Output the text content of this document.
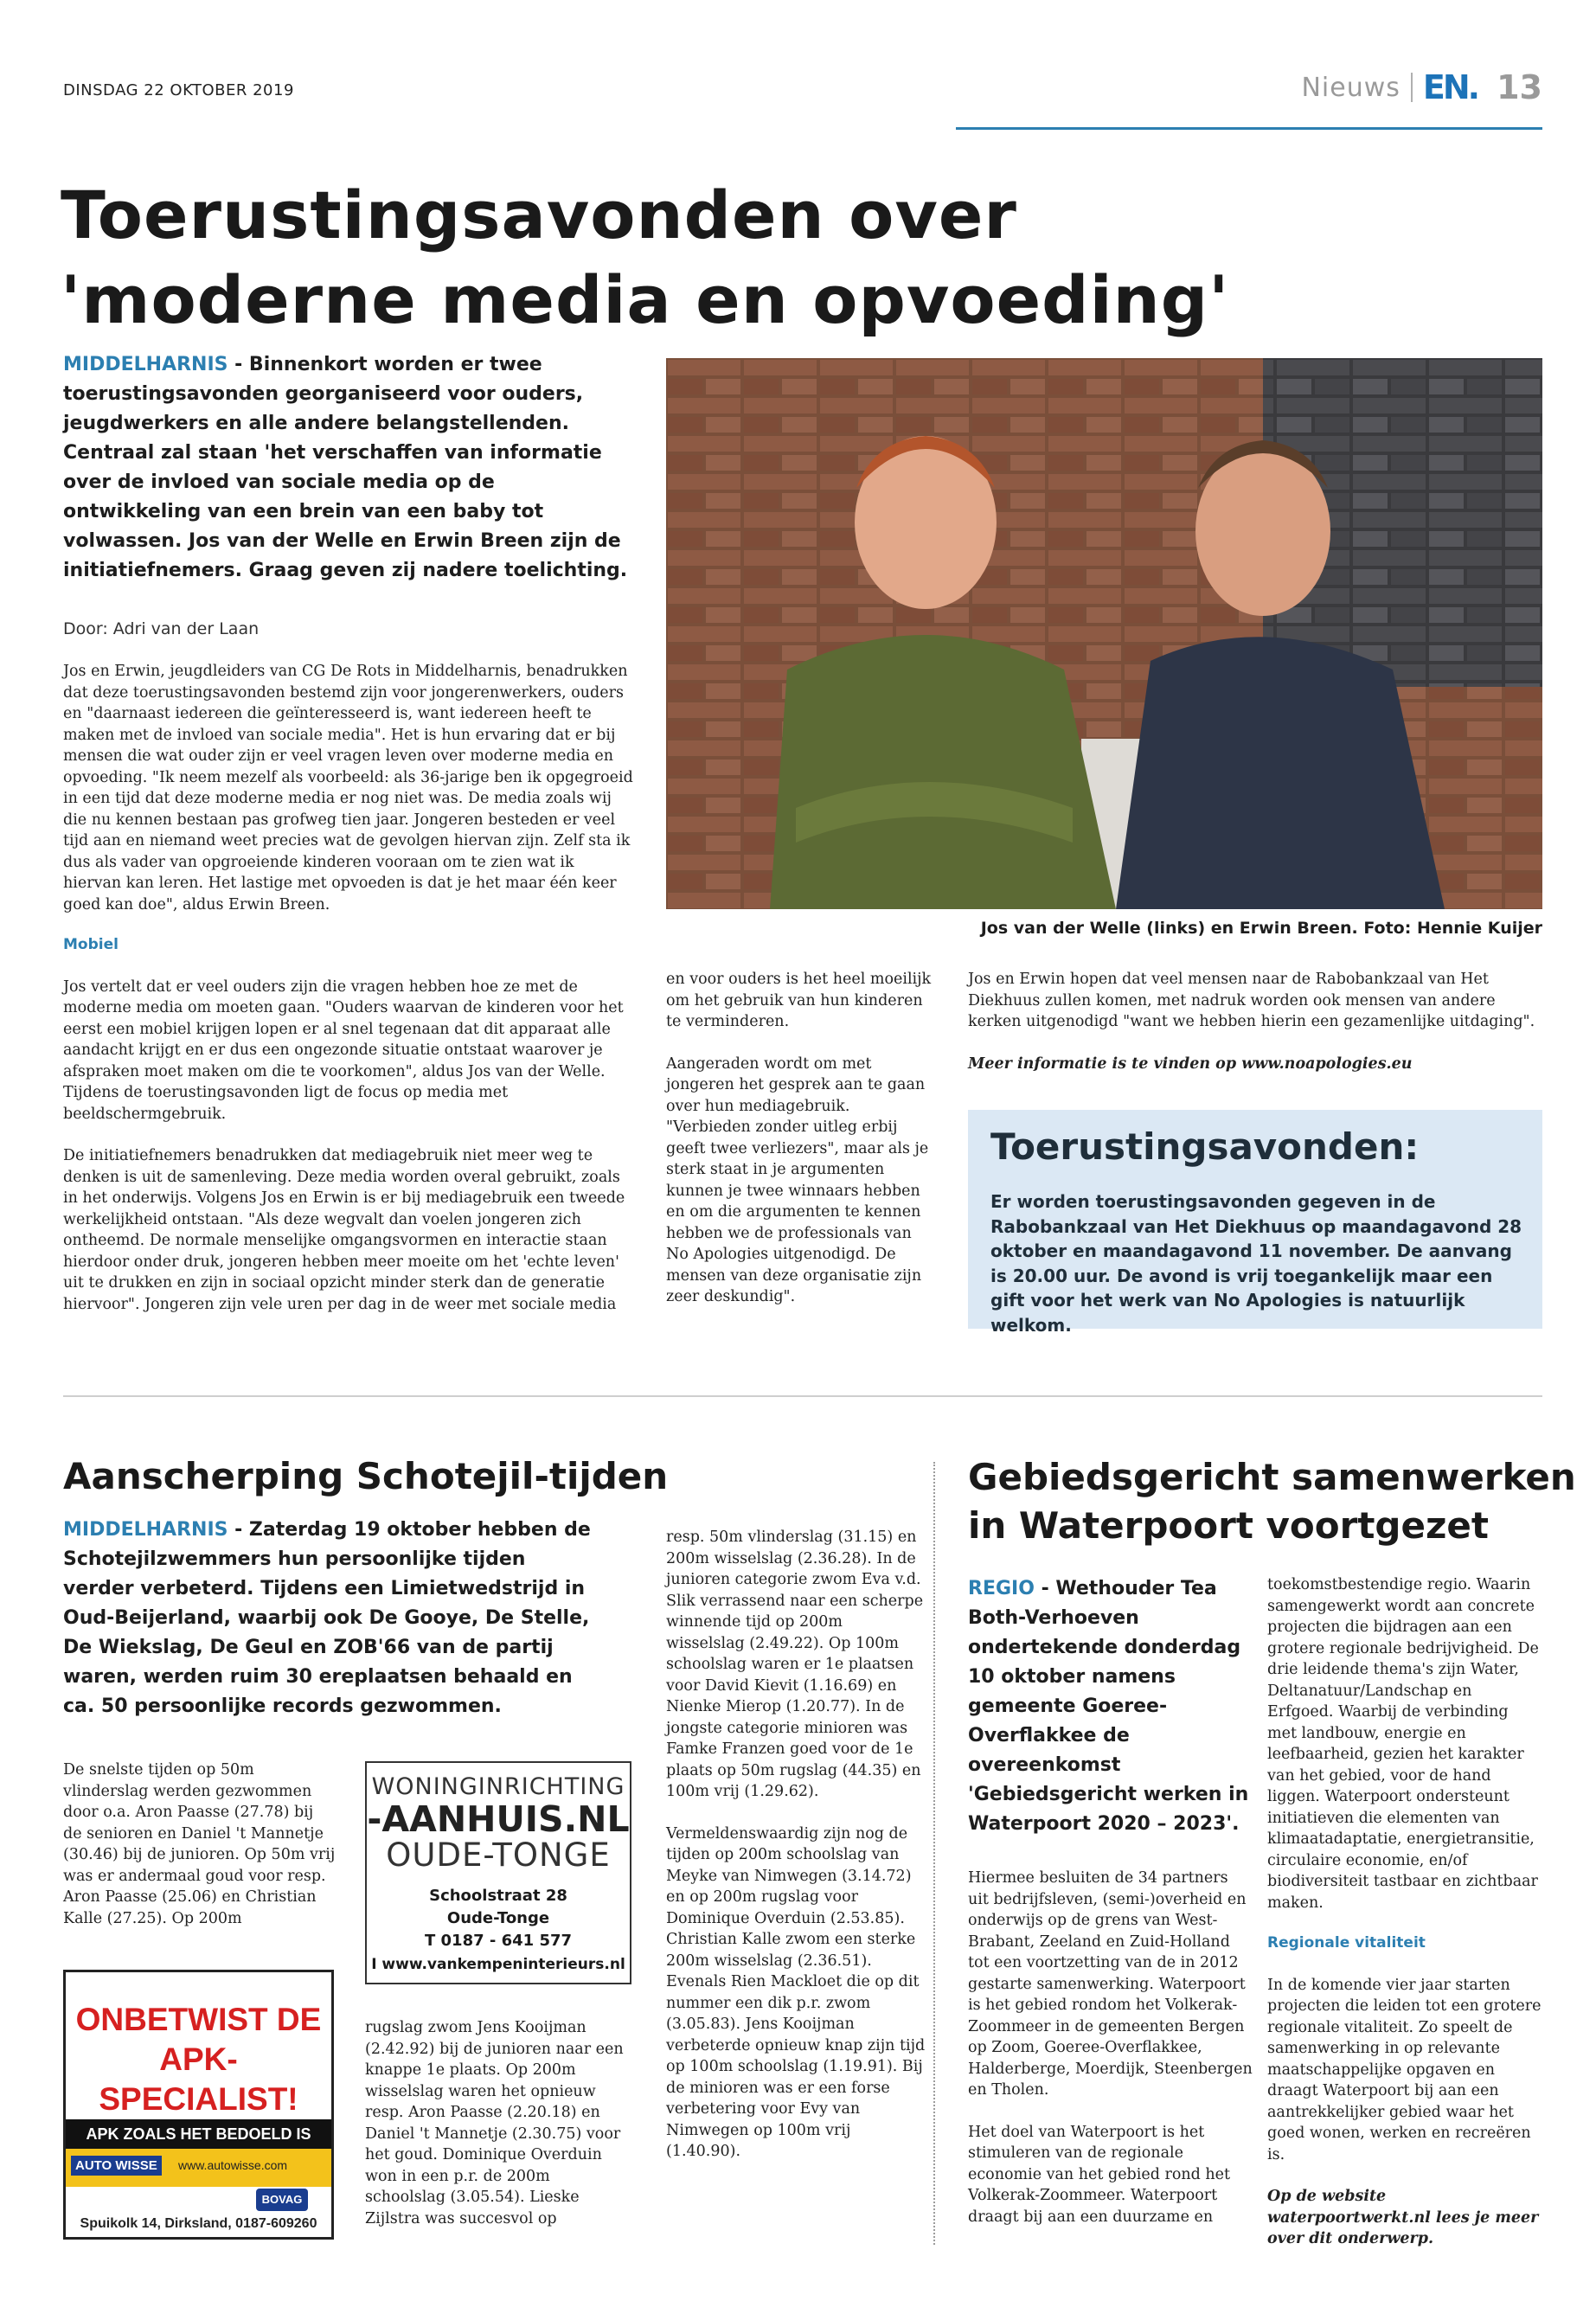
DINSDAG 22 OKTOBER 2019	Nieuws EN. 13
Toerustingsavonden over
'moderne media en opvoeding'
MIDDELHARNIS - Binnenkort worden er twee toerustingsavonden georganiseerd voor ouders, jeugdwerkers en alle andere belangstellenden. Centraal zal staan 'het verschaffen van informatie over de invloed van sociale media op de ontwikkeling van een brein van een baby tot volwassen. Jos van der Welle en Erwin Breen zijn de initiatiefnemers. Graag geven zij nadere toelichting.
Door: Adri van der Laan

Jos en Erwin, jeugdleiders van CG De Rots in Middelharnis, benadrukken dat deze toerustingsavonden bestemd zijn voor jongerenwerkers, ouders en "daarnaast iedereen die geïnteresseerd is, want iedereen heeft te maken met de invloed van sociale media". Het is hun ervaring dat er bij mensen die wat ouder zijn er veel vragen leven over moderne media en opvoeding. "Ik neem mezelf als voorbeeld: als 36-jarige ben ik opgegroeid in een tijd dat deze moderne media er nog niet was. De media zoals wij die nu kennen bestaan pas grofweg tien jaar. Jongeren besteden er veel tijd aan en niemand weet precies wat de gevolgen hiervan zijn. Zelf sta ik dus als vader van opgroeiende kinderen vooraan om te zien wat ik hiervan kan leren. Het lastige met opvoeden is dat je het maar één keer goed kan doe", aldus Erwin Breen.

Mobiel

Jos vertelt dat er veel ouders zijn die vragen hebben hoe ze met de moderne media om moeten gaan. "Ouders waarvan de kinderen voor het eerst een mobiel krijgen lopen er al snel tegenaan dat dit apparaat alle aandacht krijgt en er dus een ongezonde situatie ontstaat waarover je afspraken moet maken om die te voorkomen", aldus Jos van der Welle. Tijdens de toerustingsavonden ligt de focus op media met beeldschermgebruik.

De initiatiefnemers benadrukken dat mediagebruik niet meer weg te denken is uit de samenleving. Deze media worden overal gebruikt, zoals in het onderwijs. Volgens Jos en Erwin is er bij mediagebruik een tweede werkelijkheid ontstaan. "Als deze wegvalt dan voelen jongeren zich ontheemd. De normale menselijke omgangsvormen en interactie staan hierdoor onder druk, jongeren hebben meer moeite om het 'echte leven' uit te drukken en zijn in sociaal opzicht minder sterk dan de generatie hiervoor". Jongeren zijn vele uren per dag in de weer met sociale media

en voor ouders is het heel moeilijk om het gebruik van hun kinderen te verminderen.

Aangeraden wordt om met jongeren het gesprek aan te gaan over hun mediagebruik. "Verbieden zonder uitleg erbij geeft twee verliezers", maar als je sterk staat in je argumenten kunnen je twee winnaars hebben en om die argumenten te kennen hebben we de professionals van No Apologies uitgenodigd. De mensen van deze organisatie zijn zeer deskundig".

Jos van der Welle (links) en Erwin Breen. Foto: Hennie Kuijer

Jos en Erwin hopen dat veel mensen naar de Rabobankzaal van Het Diekhuus zullen komen, met nadruk worden ook mensen van andere kerken uitgenodigd "want we hebben hierin een gezamenlijke uitdaging".

Meer informatie is te vinden op www.noapologies.eu

Toerustingsavonden:
Er worden toerustingsavonden gegeven in de Rabobankzaal van Het Diekhuus op maandagavond 28 oktober en maandagavond 11 november. De aanvang is 20.00 uur. De avond is vrij toegankelijk maar een gift voor het werk van No Apologies is natuurlijk welkom.
Aanscherping Schotejil-tijden
MIDDELHARNIS - Zaterdag 19 oktober hebben de Schotejilzwemmers hun persoonlijke tijden verder verbeterd. Tijdens een Limietwedstrijd in Oud-Beijerland, waarbij ook De Gooye, De Stelle, De Wiekslag, De Geul en ZOB'66 van de partij waren, werden ruim 30 ereplaatsen behaald en ca. 50 persoonlijke records gezwommen.

De snelste tijden op 50m vlinderslag werden gezwommen door o.a. Aron Paasse (27.78) bij de senioren en Daniel 't Mannetje (30.46) bij de junioren. Op 50m vrij was er andermaal goud voor resp. Aron Paasse (25.06) en Christian Kalle (27.25). Op 200m

rugslag zwom Jens Kooijman (2.42.92) bij de junioren naar een knappe 1e plaats. Op 200m wisselslag waren het opnieuw resp. Aron Paasse (2.20.18) en Daniel 't Mannetje (2.30.75) voor het goud. Dominique Overduin won in een p.r. de 200m schoolslag (3.05.54). Lieske Zijlstra was succesvol op

resp. 50m vlinderslag (31.15) en 200m wisselslag (2.36.28). In de junioren categorie zwom Eva v.d. Slik verrassend naar een scherpe winnende tijd op 200m wisselslag (2.49.22). Op 100m schoolslag waren er 1e plaatsen voor David Kievit (1.16.69) en Nienke Mierop (1.20.77). In de jongste categorie minioren was Famke Franzen goed voor de 1e plaats op 50m rugslag (44.35) en 100m vrij (1.29.62).

Vermeldenswaardig zijn nog de tijden op 200m schoolslag van Meyke van Nimwegen (3.14.72) en op 200m rugslag voor Dominique Overduin (2.53.85). Christian Kalle zwom een sterke 200m wisselslag (2.36.51). Evenals Rien Mackloet die op dit nummer een dik p.r. zwom (3.05.83). Jens Kooijman verbeterde opnieuw knap zijn tijd op 100m schoolslag (1.19.91). Bij de minioren was er een forse verbetering voor Evy van Nimwegen op 100m vrij (1.40.90).

WONINGINRICHTING
-AANHUIS.NL
OUDE-TONGE
Schoolstraat 28
Oude-Tonge
T 0187 - 641 577
I www.vankempeninterieurs.nl
ONBETWIST DE
APK-SPECIALIST!
APK ZOALS HET BEDOELD IS
AUTO WISSE	www.autowisse.com
BOVAG
Spuikolk 14, Dirksland, 0187-609260
Gebiedsgericht samenwerken
in Waterpoort voortgezet
REGIO - Wethouder Tea Both-Verhoeven ondertekende donderdag 10 oktober namens gemeente Goeree-Overflakkee de overeenkomst 'Gebiedsgericht werken in Waterpoort 2020 – 2023'.

Hiermee besluiten de 34 partners uit bedrijfsleven, (semi-)overheid en onderwijs op de grens van West-Brabant, Zeeland en Zuid-Holland tot een voortzetting van de in 2012 gestarte samenwerking. Waterpoort is het gebied rondom het Volkerak-Zoommeer in de gemeenten Bergen op Zoom, Goeree-Overflakkee, Halderberge, Moerdijk, Steenbergen en Tholen.

Het doel van Waterpoort is het stimuleren van de regionale economie van het gebied rond het Volkerak-Zoommeer. Waterpoort draagt bij aan een duurzame en

toekomstbestendige regio. Waarin samengewerkt wordt aan concrete projecten die bijdragen aan een grotere regionale bedrijvigheid. De drie leidende thema's zijn Water, Deltanatuur/Landschap en Erfgoed. Waarbij de verbinding met landbouw, energie en leefbaarheid, gezien het karakter van het gebied, voor de hand liggen. Waterpoort ondersteunt initiatieven die elementen van klimaatadaptatie, energietransitie, circulaire economie, en/of biodiversiteit tastbaar en zichtbaar maken.

Regionale vitaliteit

In de komende vier jaar starten projecten die leiden tot een grotere regionale vitaliteit. Zo speelt de samenwerking in op relevante maatschappelijke opgaven en draagt Waterpoort bij aan een aantrekkelijker gebied waar het goed wonen, werken en recreëren is.

Op de website waterpoortwerkt.nl lees je meer over dit onderwerp.
